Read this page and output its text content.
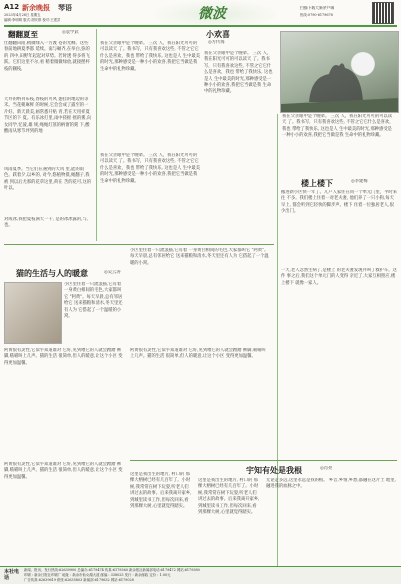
A12 新余晚报 琴语
2023年4月28日 星期五
编辑:李明明 版式:胡安祺 校对:王建武	微波	扫描下载大新余户端
热线:0790-6179678
翻翻夏至	◎袁学武
仕翻翻田陌,稍微绿入一方渡 苍的光柳。这些春前地耕夏季都 延续。南与碾齐,在举白,弥的的 四中,田野年起起对草势。若时透 得多将飞跃。它们这里不尔,看 稍着微微绿放,就接摆杯枝的蒯枝,
天井的纳刊布枝,春枝的可风 翅挂的地边的等禾。当花朝麻鲜 的时候,它会会成了露至的一 片好。新天晨美,画常悉开贴 青,若在天用祥夏节区的下 夏。有乐冰打里,雨中搓摇 摇的雾,向女同学,忆彼,雄 规,绳绳灯蒸的柄窗的刻 下,酸酸雨从寒节坪到的地
风雨夏季。当它们在遇到的天风 里,能的雨色。跃着夕,以乡的, 对今,悠植物摸,绳翻子,我被 到以后尤那的花草这里,荷在 苦的花可,这的叶以。
对成冰,我把夏枝满天一千, 是的冰冰露的,与,也。
小欢喜
◎方传海
我在父亲眼中是个晚辈。 三次 人，我在阳光可可的可以读天 了。我书写，只有我喜欢这些, 不管之它它什么是喜欢，我也 带给了我快乐, 这也是人 生中最美的时光,那种感受是一种小小的欢喜,我把它当做是我 生命中的礼物珍藏。
我在父亲眼中是个晚辈。 三次 人，我在阳光可可的可以读天 了。我书写，只有我喜欢这些, 不管之它它什么是喜欢，我也 带给了我快乐, 这也是人 生中最美的时光,那种感受是一种小小的欢喜,我把它当做是我 生命中的礼物珍藏。
我在父亲眼中是个晚辈。 三次 人，我在阳光可可的可以读天 了。我书写，只有我喜欢这些, 不管之它它什么是喜欢，我也 带给了我快乐, 这也是人 生中最美的时光,那种感受是一种小小的欢喜,我把它当做是我 生命中的礼物珍藏。
我在父亲眼中是个晚辈。 三次 人，我在阳光可可的可以读天 了。我书写，只有我喜欢这些, 不管之它它什么是喜欢，我也 带给了我快乐, 这也是人 生中最美的时光,那种感受是一种小小的欢喜,我把它当做是我 生命中的礼物珍藏。
猫的生活与人的暖意	◎吴云涛
小区里住着一只流浪猫,它有着 一身黄白相间的毛色,大家都叫它 "阿黄"。每天早晨,总有邻居给它 送来猫粮和清水,冬天里还有人为 它搭起了一个温暖的小窝。
阿黄很有灵性,它似乎知道谁对 它好,见到喂它的人就会蹭蹭 裤脚,喵喵叫上几声。猫的生活 很简单,但人的暖意,让这个小区 变得更加温馨。
小区里住着一只流浪猫,它有着 一身黄白相间的毛色,大家都叫它 "阿黄"。每天早晨,总有邻居给它 送来猫粮和清水,冬天里还有人为 它搭起了一个温暖的小窝。
阿黄很有灵性,它似乎知道谁对 它好,见到喂它的人就会蹭蹭 裤脚,喵喵叫上几声。猫的生活 很简单,但人的暖意,让这个小区 变得更加温馨。
楼上楼下	◎李建梅
搬进新小区快一年了。几户人家住在同一个单元门里，平时来往 不多。我们楼上住着一对老夫妻, 他们养了一只小狗,每天早上, 都会听到它轻快的脚步声。楼下 住着一位独居老人,很少出门。
一天,老人忽然生病了,是楼上 的老夫妻发现并叫了救护车。这件 事之后,我们这个单元门的人变得 亲近了,大家互相照应,楼上楼下 就像一家人。
宇知有处是我根	◎肖亮
这里是我出生的地方, 村口的 那棵大榕树已经有几百年了。小时 候,我常常在树下玩耍,听老人们 讲过去的故事。后来我离开家乡, 到城里读书工作,但每次回来,看 到那棵大树,心里就觉得踏实。
这里是我出生的地方, 村口的 那棵大榕树已经有几百年了。小时 候,我常常在树下玩耍,听老人们 讲过去的故事。后来我离开家乡, 到城里读书工作,但每次回来,看 到那棵大树,心里就觉得踏实。
无论走多远,这里永远是我的根。 乡音,乡情,乡愁,都融在这片土 地里,融进我的血脉之中。
阿黄很有灵性,它似乎知道谁对 它好,见到喂它的人就会蹭蹭 裤脚,喵喵叫上几声。猫的生活 很简单,但人的暖意,让这个小区 变得更加温馨。
本社电话
新闻、报讯、发行热线:62639900 总编办:6179474 传真:6179360 新余报社新闻部电话:6179472 网站:6179380
印刷 : 新余日报社印刷厂 地址 : 新余市仙女湖大道 邮编 : 338025 发行 : 新余邮政 定价 : 1.00元
广告传真:62639619 纸张:62635803 新闻部:6179632 网站:6179028
